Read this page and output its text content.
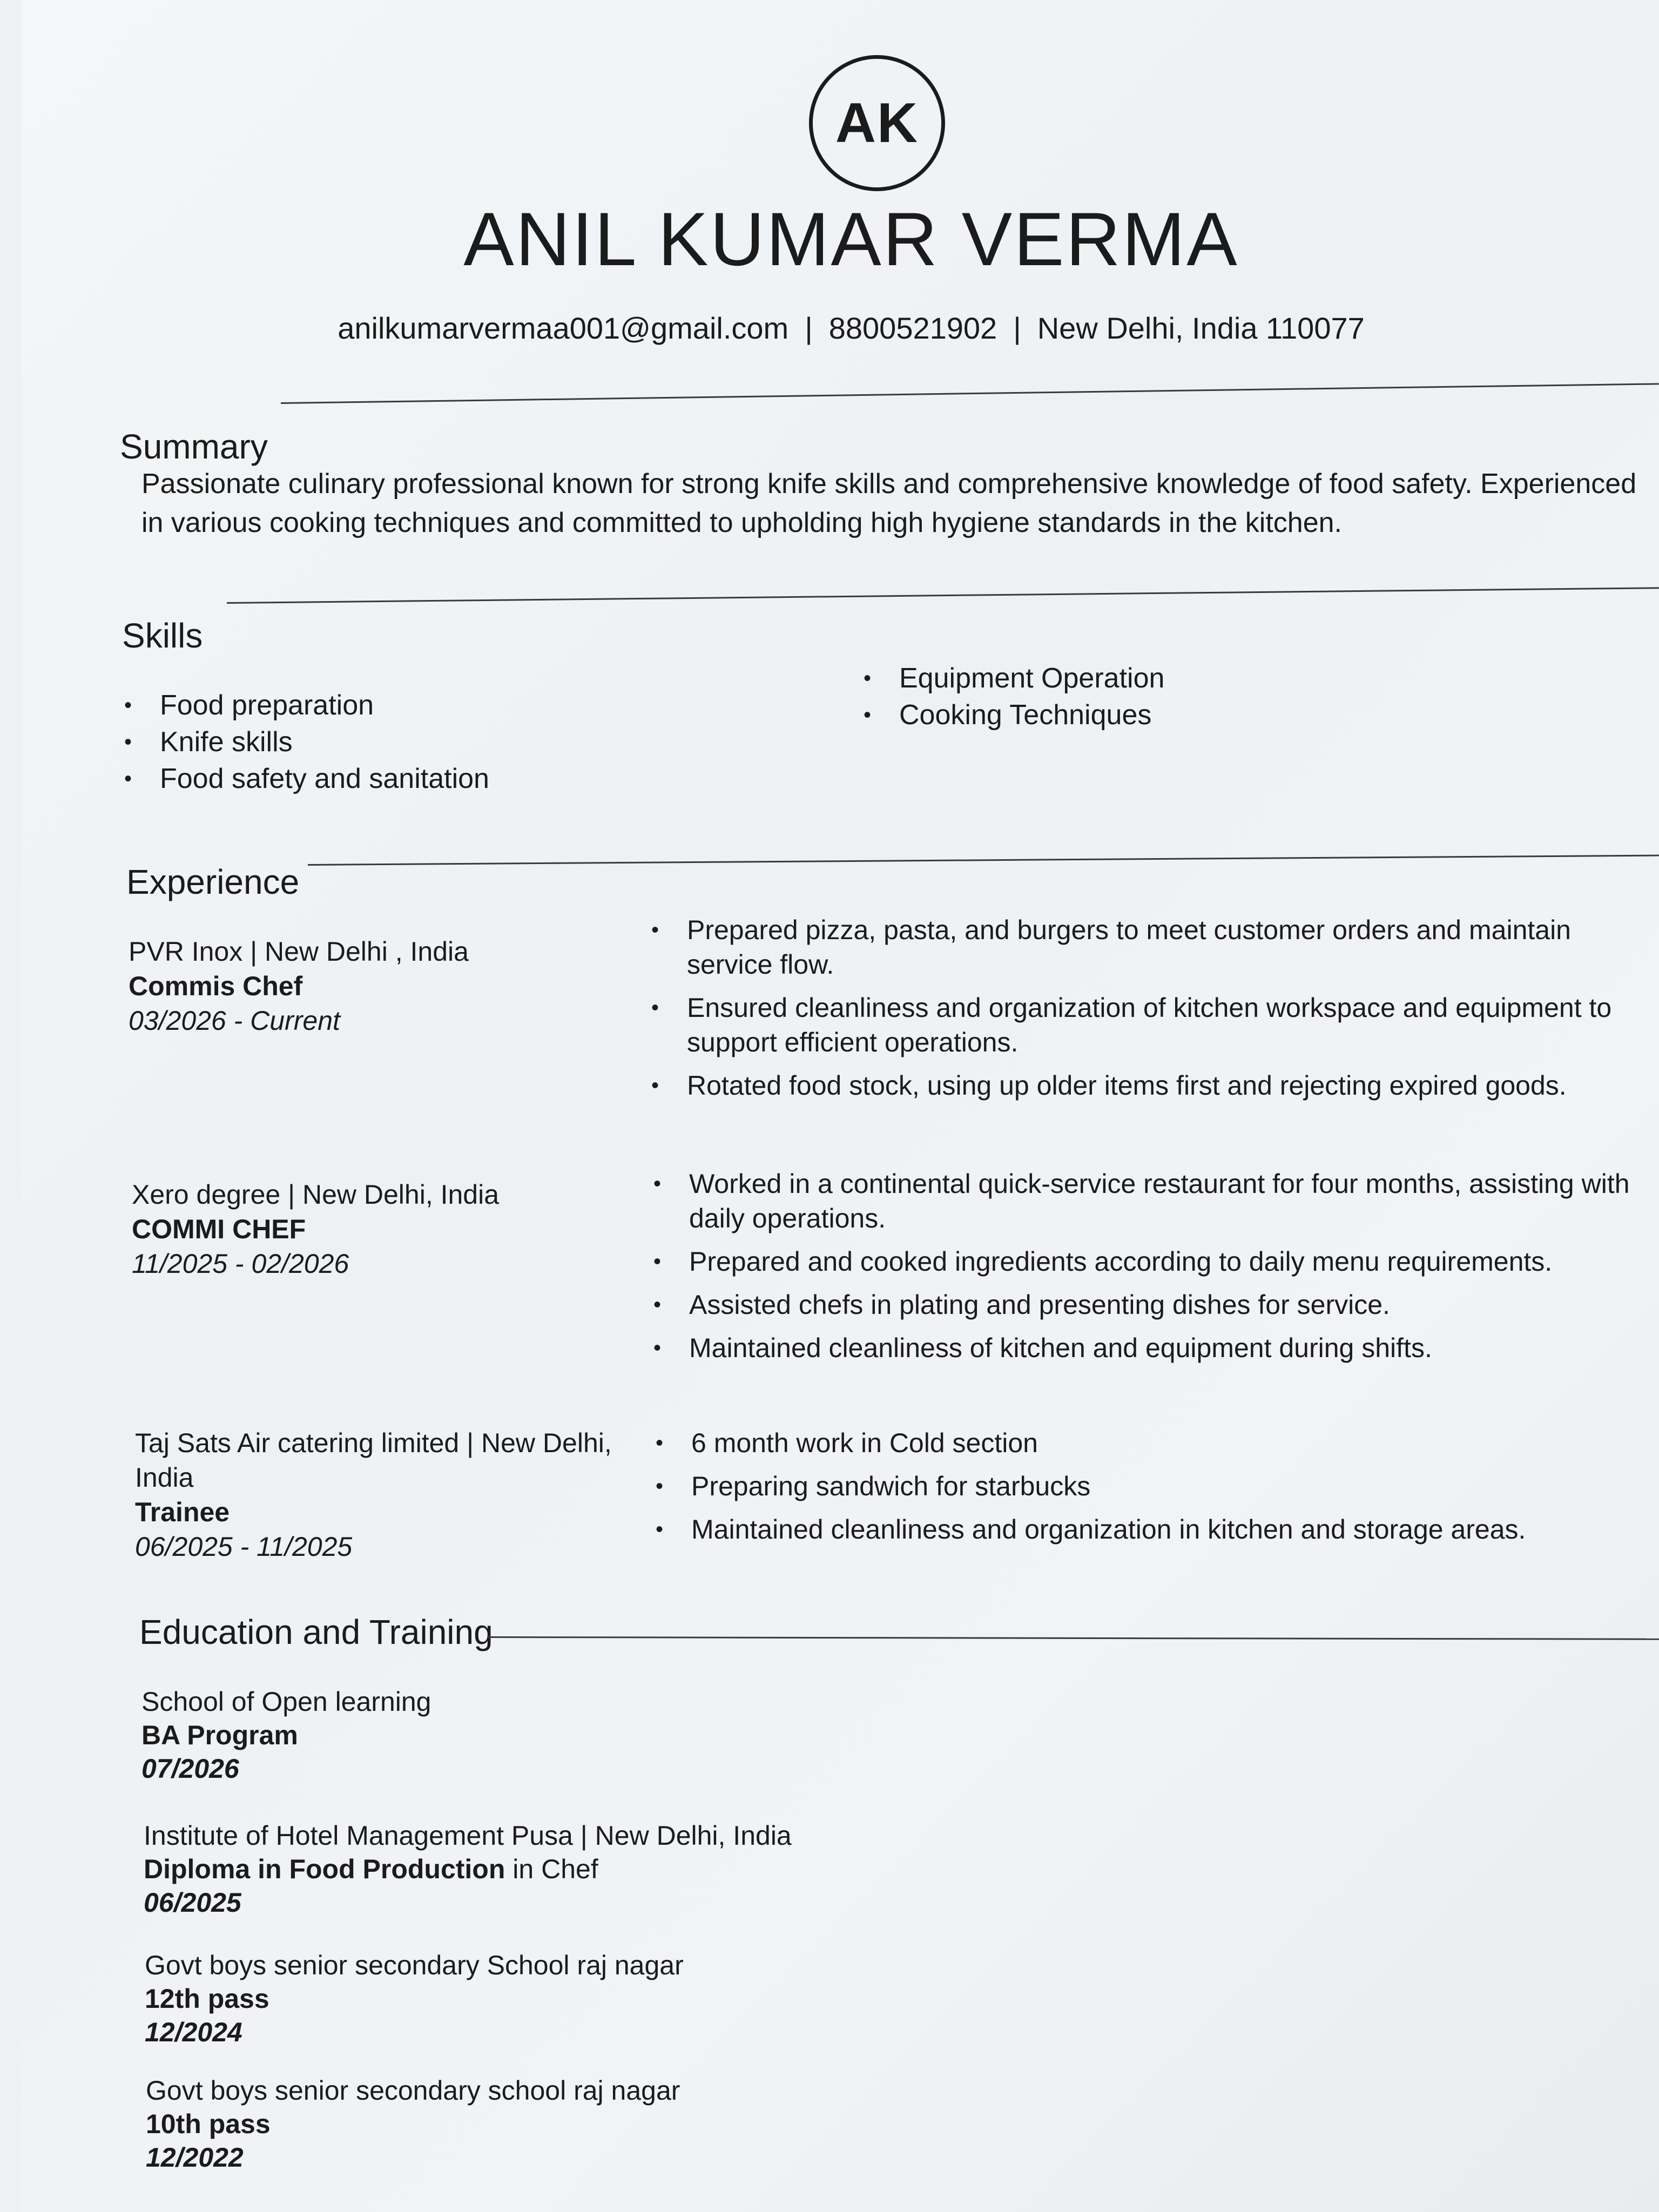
AK
ANIL KUMAR VERMA
anilkumarvermaa001@gmail.com | 8800521902 | New Delhi, India 110077
Summary

Passionate culinary professional known for strong knife skills and comprehensive knowledge of food safety. Experienced in various cooking techniques and committed to upholding high hygiene standards in the kitchen.

Skills
• Food preparation
• Knife skills
• Food safety and sanitation
• Equipment Operation
• Cooking Techniques
Experience
PVR Inox | New Delhi , India
Commis Chef
03/2026 - Current
• Prepared pizza, pasta, and burgers to meet customer orders and maintain service flow.
• Ensured cleanliness and organization of kitchen workspace and equipment to support efficient operations.
• Rotated food stock, using up older items first and rejecting expired goods.
Xero degree | New Delhi, India
COMMI CHEF
11/2025 - 02/2026
• Worked in a continental quick-service restaurant for four months, assisting with daily operations.
• Prepared and cooked ingredients according to daily menu requirements.
• Assisted chefs in plating and presenting dishes for service.
• Maintained cleanliness of kitchen and equipment during shifts.
Taj Sats Air catering limited | New Delhi, India
Trainee
06/2025 - 11/2025
• 6 month work in Cold section
• Preparing sandwich for starbucks
• Maintained cleanliness and organization in kitchen and storage areas.
Education and Training
School of Open learning
BA Program
07/2026
Institute of Hotel Management Pusa | New Delhi, India
Diploma in Food Production in Chef
06/2025
Govt boys senior secondary School raj nagar
12th pass
12/2024
Govt boys senior secondary school raj nagar
10th pass
12/2022
